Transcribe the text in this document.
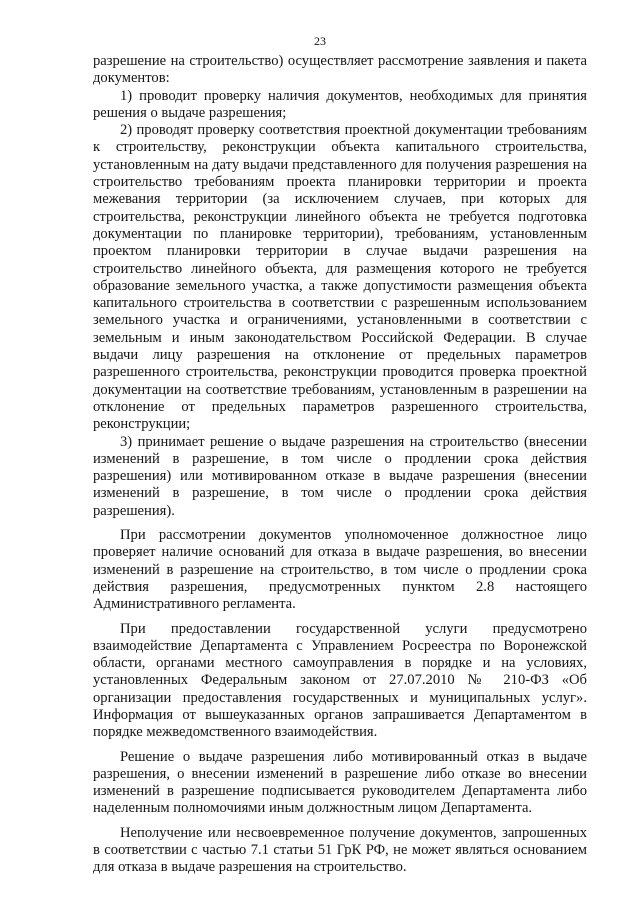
23

разрешение на строительство) осуществляет рассмотрение заявления и пакета документов:

1) проводит проверку наличия документов, необходимых для принятия решения о выдаче разрешения;

2) проводят проверку соответствия проектной документации требованиям к строительству, реконструкции объекта капитального строительства, установленным на дату выдачи представленного для получения разрешения на строительство требованиям проекта планировки территории и проекта межевания территории (за исключением случаев, при которых для строительства, реконструкции линейного объекта не требуется подготовка документации по планировке территории), требованиям, установленным проектом планировки территории в случае выдачи разрешения на строительство линейного объекта, для размещения которого не требуется образование земельного участка, а также допустимости размещения объекта капитального строительства в соответствии с разрешенным использованием земельного участка и ограничениями, установленными в соответствии с земельным и иным законодательством Российской Федерации. В случае выдачи лицу разрешения на отклонение от предельных параметров разрешенного строительства, реконструкции проводится проверка проектной документации на соответствие требованиям, установленным в разрешении на отклонение от предельных параметров разрешенного строительства, реконструкции;

3) принимает решение о выдаче разрешения на строительство (внесении изменений в разрешение, в том числе о продлении срока действия разрешения) или мотивированном отказе в выдаче разрешения (внесении изменений в разрешение, в том числе о продлении срока действия разрешения).

При рассмотрении документов уполномоченное должностное лицо проверяет наличие оснований для отказа в выдаче разрешения, во внесении изменений в разрешение на строительство, в том числе о продлении срока действия разрешения, предусмотренных пунктом 2.8 настоящего Административного регламента.

При предоставлении государственной услуги предусмотрено взаимодействие Департамента с Управлением Росреестра по Воронежской области, органами местного самоуправления в порядке и на условиях, установленных Федеральным законом от 27.07.2010 № 210-ФЗ «Об организации предоставления государственных и муниципальных услуг». Информация от вышеуказанных органов запрашивается Департаментом в порядке межведомственного взаимодействия.

Решение о выдаче разрешения либо мотивированный отказ в выдаче разрешения, о внесении изменений в разрешение либо отказе во внесении изменений в разрешение подписывается руководителем Департамента либо наделенным полномочиями иным должностным лицом Департамента.

Неполучение или несвоевременное получение документов, запрошенных в соответствии с частью 7.1 статьи 51 ГрК РФ, не может являться основанием для отказа в выдаче разрешения на строительство.
